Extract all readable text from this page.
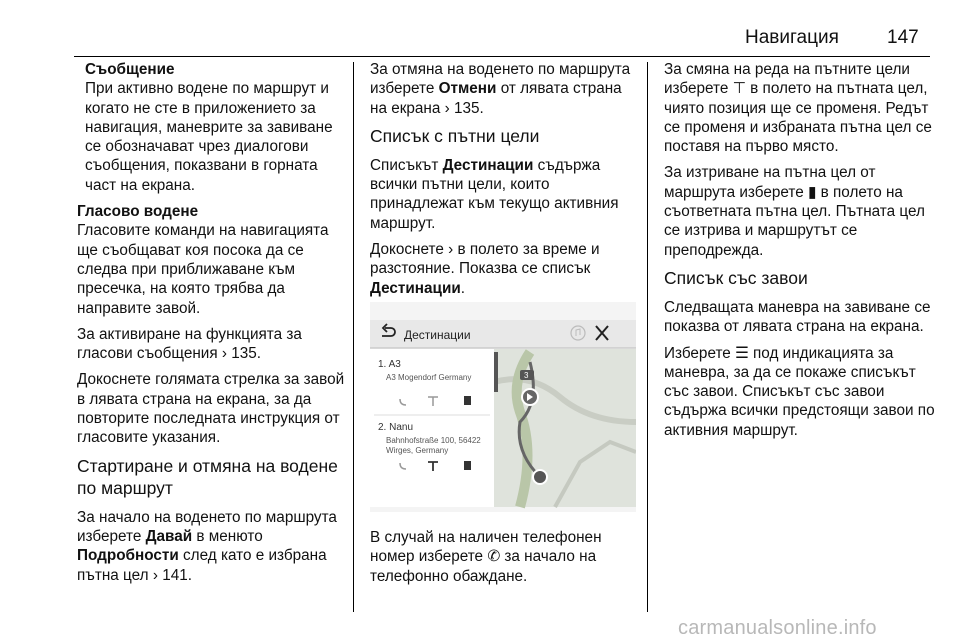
Навигация	147
Съобщение
При активно водене по маршрут и когато не сте в приложението за навигация, маневрите за завиване се обозначават чрез диалогови съобщения, показвани в горната част на екрана.
Гласово водене

Гласовите команди на навигацията ще съобщават коя посока да се следва при приближаване към пресечка, на която трябва да направите завой.

За активиране на функцията за гласови съобщения › 135.

Докоснете голямата стрелка за завой в лявата страна на екрана, за да повторите последната инструкция от гласовите указания.

Стартиране и отмяна на водене по маршрут

За начало на воденето по маршрута изберете Давай в менюто Подробности след като е избрана пътна цел › 141.

За отмяна на воденето по маршрута изберете Отмени от лявата страна на екрана › 135.

Списък с пътни цели

Списъкът Дестинации съдържа всички пътни цели, които принадлежат към текущо активния маршрут.

Докоснете › в полето за време и разстояние. Показва се списък Дестинации.

Дестинации
3
1. A3
A3 Mogendorf Germany
2. Nanu
Bahnhofstraße 100, 56422
Wirges, Germany

В случай на наличен телефонен номер изберете ✆ за начало на телефонно обаждане.

За смяна на реда на пътните цели изберете ⊤ в полето на пътната цел, чиято позиция ще се променя. Редът се променя и избраната пътна цел се поставя на първо място.

За изтриване на пътна цел от маршрута изберете ▮ в полето на съответната пътна цел. Пътната цел се изтрива и маршрутът се преподрежда.

Списък със завои

Следващата маневра на завиване се показва от лявата страна на екрана.

Изберете ☰ под индикацията за маневра, за да се покаже списъкът със завои. Списъкът със завои съдържа всички предстоящи завои по активния маршрут.

carmanualsonline.info
